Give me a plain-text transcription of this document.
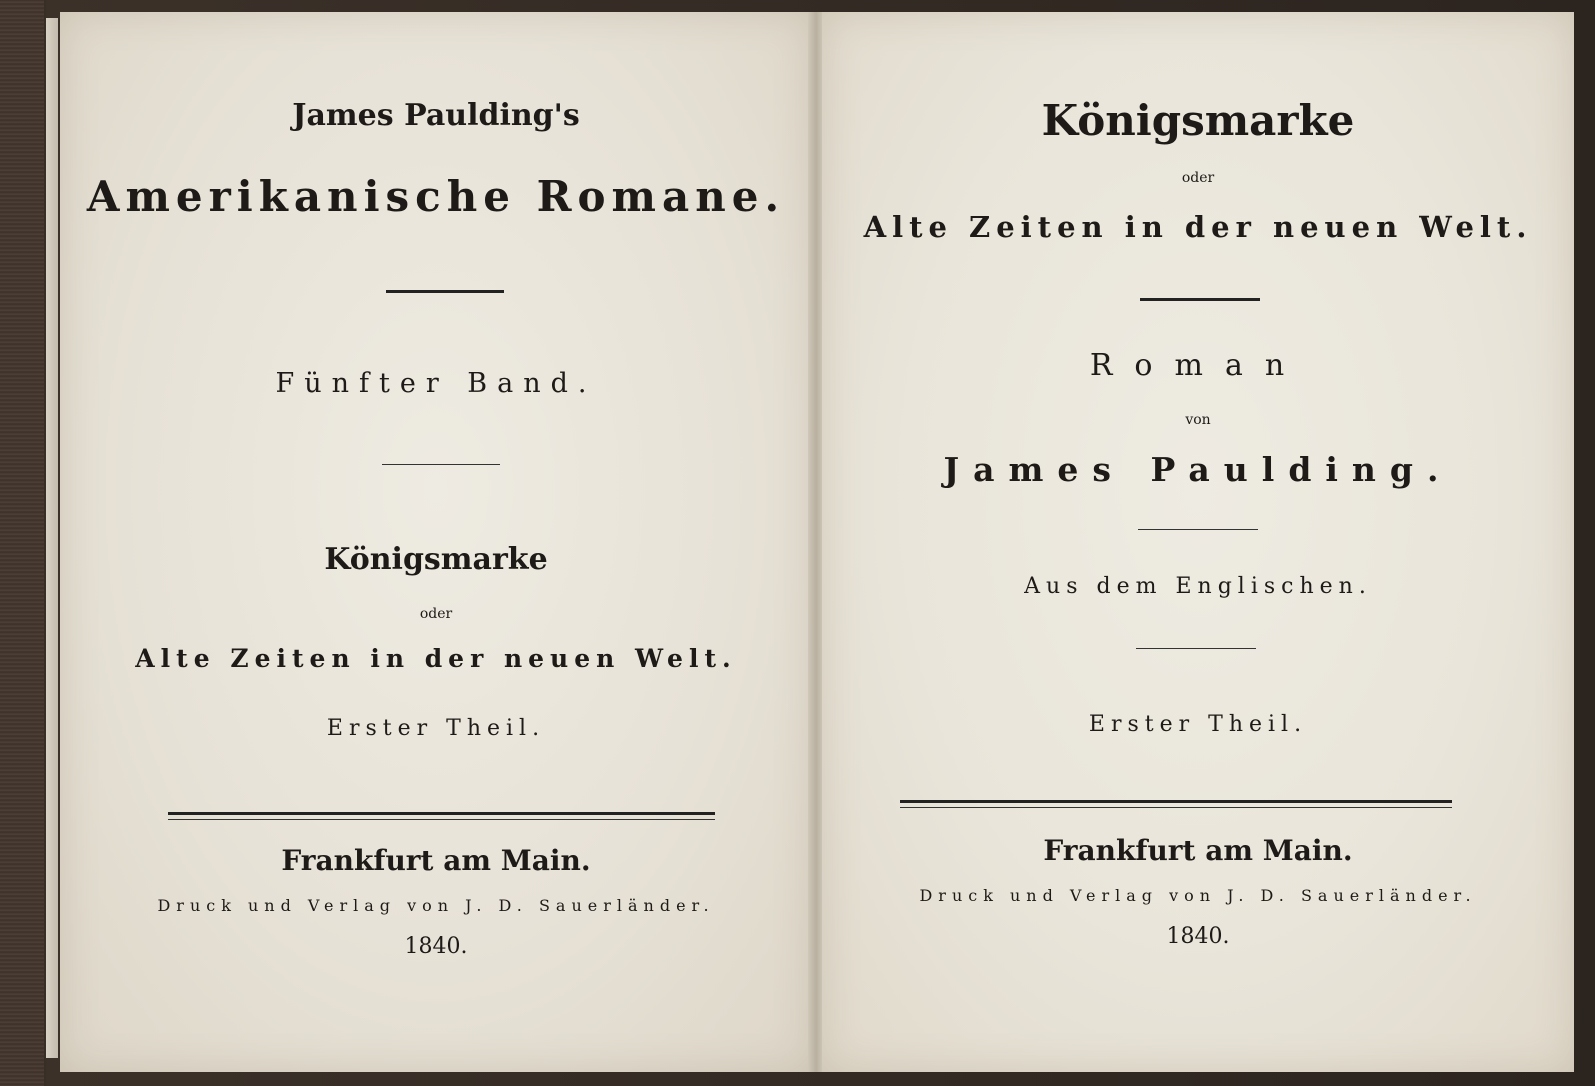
James Paulding's
Amerikanische Romane.
Fünfter Band.
Königsmarke
oder
Alte Zeiten in der neuen Welt.
Erster Theil.
Frankfurt am Main.
Druck und Verlag von J. D. Sauerländer.
1840.
Königsmarke
oder
Alte Zeiten in der neuen Welt.
Roman
von
James Paulding.
Aus dem Englischen.
Erster Theil.
Frankfurt am Main.
Druck und Verlag von J. D. Sauerländer.
1840.
